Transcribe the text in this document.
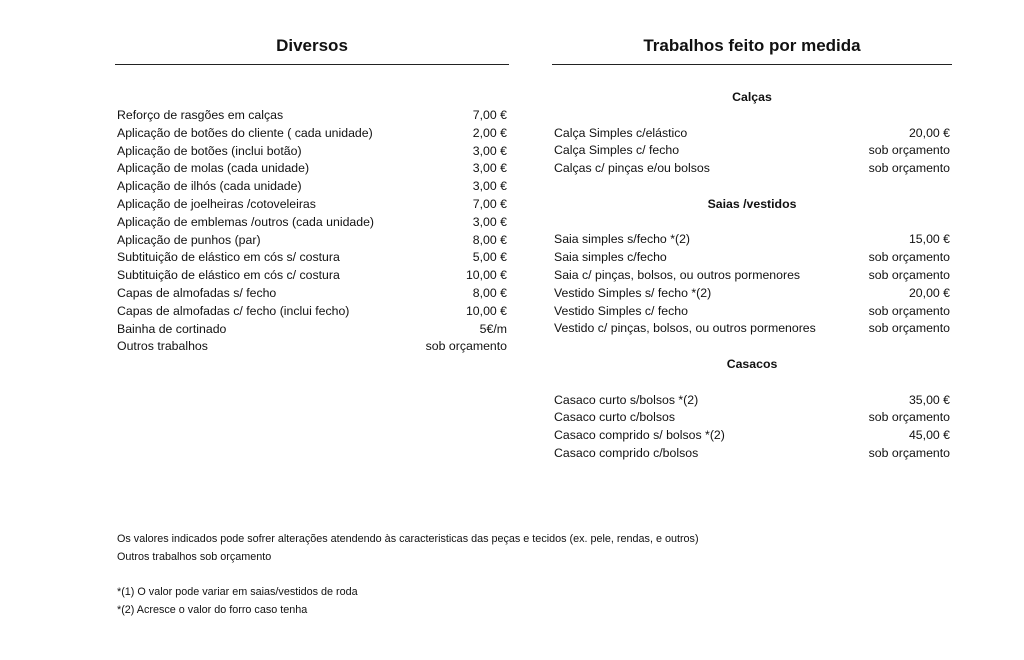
Diversos
Reforço de rasgões em calças	7,00 €
Aplicação de botões do cliente ( cada unidade)	2,00 €
Aplicação de botões (inclui botão)	3,00 €
Aplicação de molas (cada unidade)	3,00 €
Aplicação de ilhós (cada unidade)	3,00 €
Aplicação de joelheiras /cotoveleiras	7,00 €
Aplicação de emblemas /outros (cada unidade)	3,00 €
Aplicação de punhos (par)	8,00 €
Subtituição de elástico em cós s/ costura	5,00 €
Subtituição de elástico em cós c/ costura	10,00 €
Capas de almofadas s/ fecho	8,00 €
Capas de almofadas c/ fecho (inclui fecho)	10,00 €
Bainha de cortinado	5€/m
Outros trabalhos	sob orçamento
Trabalhos feito por medida
Calças
Calça Simples c/elástico	20,00 €
Calça Simples c/ fecho	sob orçamento
Calças c/ pinças e/ou bolsos	sob orçamento
Saias /vestidos
Saia simples s/fecho *(2)	15,00 €
Saia simples c/fecho	sob orçamento
Saia c/ pinças, bolsos, ou outros pormenores	sob orçamento
Vestido Simples s/ fecho *(2)	20,00 €
Vestido Simples c/ fecho	sob orçamento
Vestido c/ pinças, bolsos, ou outros pormenores	sob orçamento
Casacos
Casaco curto s/bolsos *(2)	35,00 €
Casaco curto c/bolsos	sob orçamento
Casaco comprido s/ bolsos *(2)	45,00 €
Casaco comprido c/bolsos	sob orçamento

Os valores indicados pode sofrer alterações atendendo às caracteristicas das peças e tecidos (ex. pele, rendas, e outros)

Outros trabalhos sob orçamento

*(1) O valor pode variar em saias/vestidos de roda

*(2) Acresce o valor do forro caso tenha
